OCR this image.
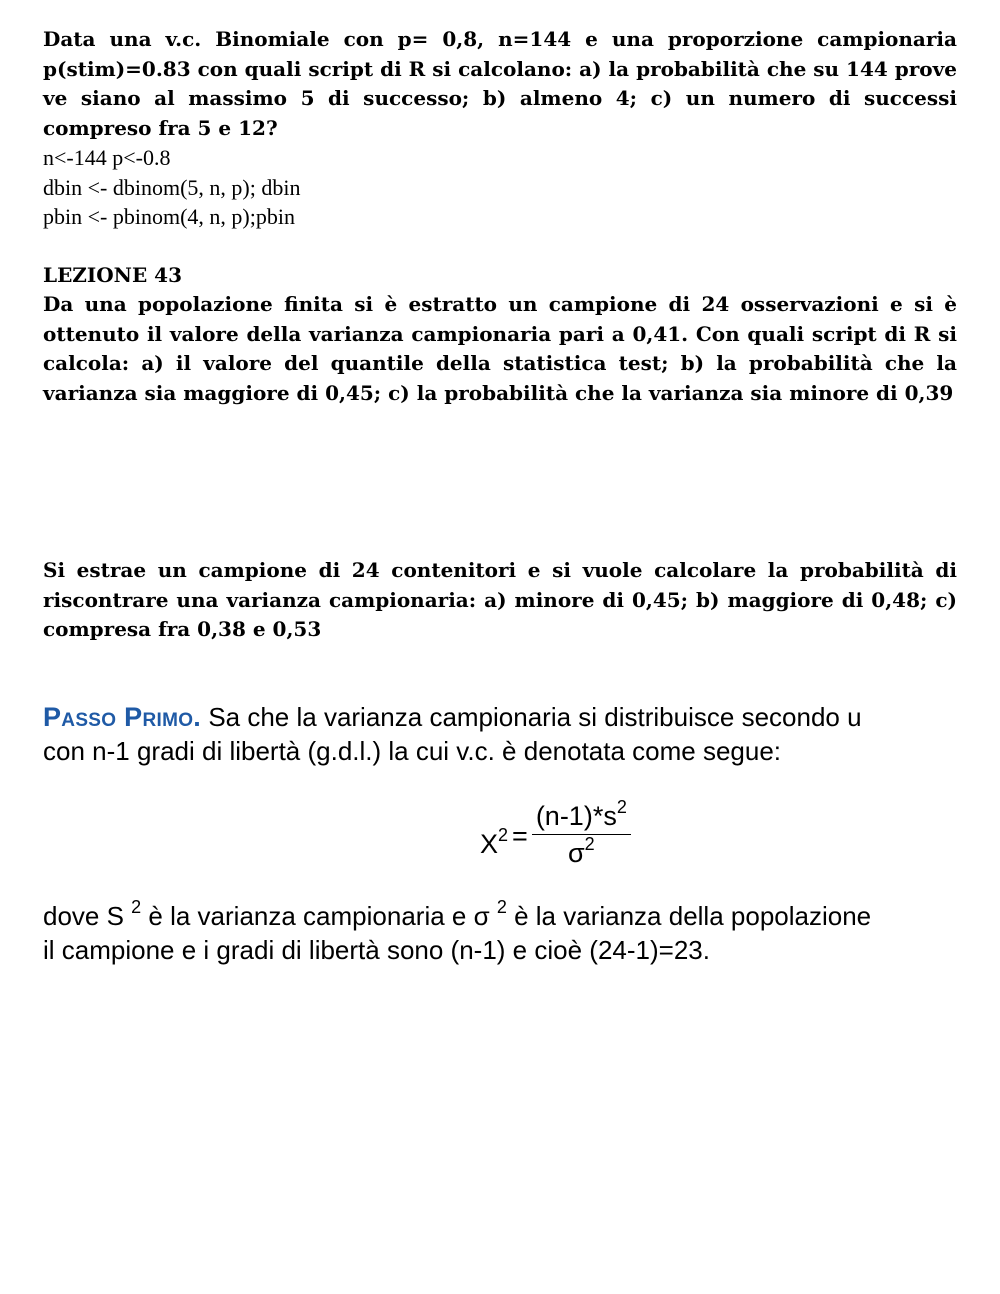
Data una v.c. Binomiale con p= 0,8, n=144 e una proporzione campionaria p(stim)=0.83 con quali script di R si calcolano: a) la probabilità che su 144 prove ve siano al massimo 5 di successo; b) almeno 4; c) un numero di successi compreso fra 5 e 12?

n<-144 p<-0.8

dbin <- dbinom(5, n, p); dbin

pbin <- pbinom(4, n, p);pbin

LEZIONE 43

Da una popolazione finita si è estratto un campione di 24 osservazioni e si è ottenuto il valore della varianza campionaria pari a 0,41. Con quali script di R si calcola: a) il valore del quantile della statistica test; b) la probabilità che la varianza sia maggiore di 0,45; c) la probabilità che la varianza sia minore di 0,39

Si estrae un campione di 24 contenitori e si vuole calcolare la probabilità di riscontrare una varianza campionaria: a) minore di 0,45; b) maggiore di 0,48; c) compresa fra 0,38 e 0,53

Passo Primo. Sa che la varianza campionaria si distribuisce secondo u

con n-1 gradi di libertà (g.d.l.) la cui v.c. è denotata come segue:

$X^2 = \frac{(n-1)*s^2}{\sigma^2}$

dove S $^2$ è la varianza campionaria e σ $^2$ è la varianza della popolazione

il campione e i gradi di libertà sono (n-1) e cioè (24-1)=23.
